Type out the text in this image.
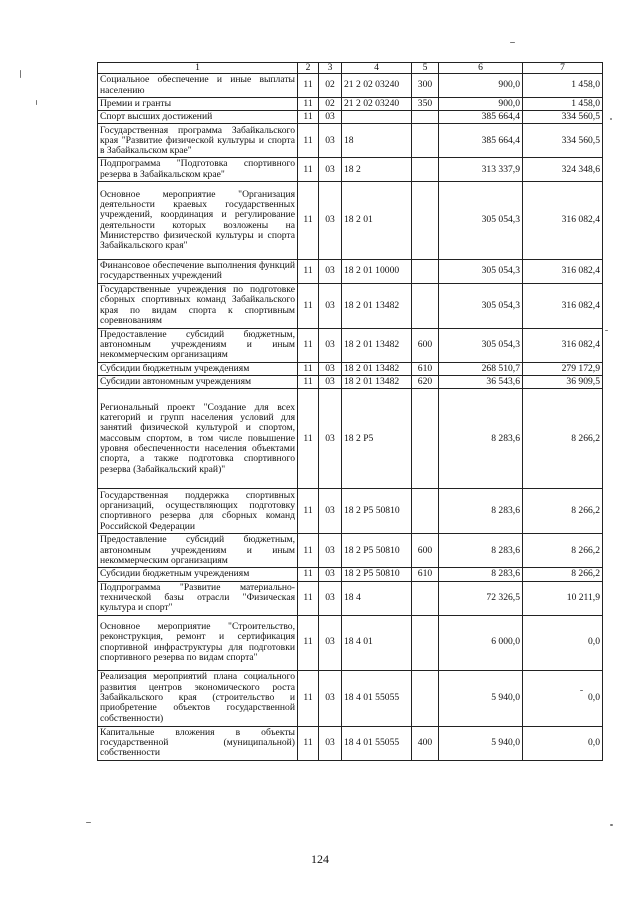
1	2	3	4	5	6	7
Социальное обеспечение и иные выплаты населению	11	02	21 2 02 03240	300	900,0	1 458,0
Премии и гранты	11	02	21 2 02 03240	350	900,0	1 458,0
Спорт высших достижений	11	03			385 664,4	334 560,5
Государственная программа Забайкальского края "Развитие физической культуры и спорта в Забайкальском крае"	11	03	18		385 664,4	334 560,5
Подпрограмма "Подготовка спортивного резерва в Забайкальском крае"	11	03	18 2		313 337,9	324 348,6
Основное мероприятие "Организация деятельности краевых государственных учреждений, координация и регулирование деятельности которых возложены на Министерство физической культуры и спорта Забайкальского края"	11	03	18 2 01		305 054,3	316 082,4
Финансовое обеспечение выполнения функций государственных учреждений	11	03	18 2 01 10000		305 054,3	316 082,4
Государственные учреждения по подготовке сборных спортивных команд Забайкальского края по видам спорта к спортивным соревнованиям	11	03	18 2 01 13482		305 054,3	316 082,4
Предоставление субсидий бюджетным, автономным учреждениям и иным некоммерческим организациям	11	03	18 2 01 13482	600	305 054,3	316 082,4
Субсидии бюджетным учреждениям	11	03	18 2 01 13482	610	268 510,7	279 172,9
Субсидии автономным учреждениям	11	03	18 2 01 13482	620	36 543,6	36 909,5
Региональный проект "Создание для всех категорий и групп населения условий для занятий физической культурой и спортом, массовым спортом, в том числе повышение уровня обеспеченности населения объектами спорта, а также подготовка спортивного резерва (Забайкальский край)"	11	03	18 2 P5		8 283,6	8 266,2
Государственная поддержка спортивных организаций, осуществляющих подготовку спортивного резерва для сборных команд Российской Федерации	11	03	18 2 P5 50810		8 283,6	8 266,2
Предоставление субсидий бюджетным, автономным учреждениям и иным некоммерческим организациям	11	03	18 2 P5 50810	600	8 283,6	8 266,2
Субсидии бюджетным учреждениям	11	03	18 2 P5 50810	610	8 283,6	8 266,2
Подпрограмма "Развитие материально-технической базы отрасли "Физическая культура и спорт"	11	03	18 4		72 326,5	10 211,9
Основное мероприятие "Строительство, реконструкция, ремонт и сертификация спортивной инфраструктуры для подготовки спортивного резерва по видам спорта"	11	03	18 4 01		6 000,0	0,0
Реализация мероприятий плана социального развития центров экономического роста Забайкальского края (строительство и приобретение объектов государственной собственности)	11	03	18 4 01 55055		5 940,0	0,0
Капитальные вложения в объекты государственной (муниципальной) собственности	11	03	18 4 01 55055	400	5 940,0	0,0
124
